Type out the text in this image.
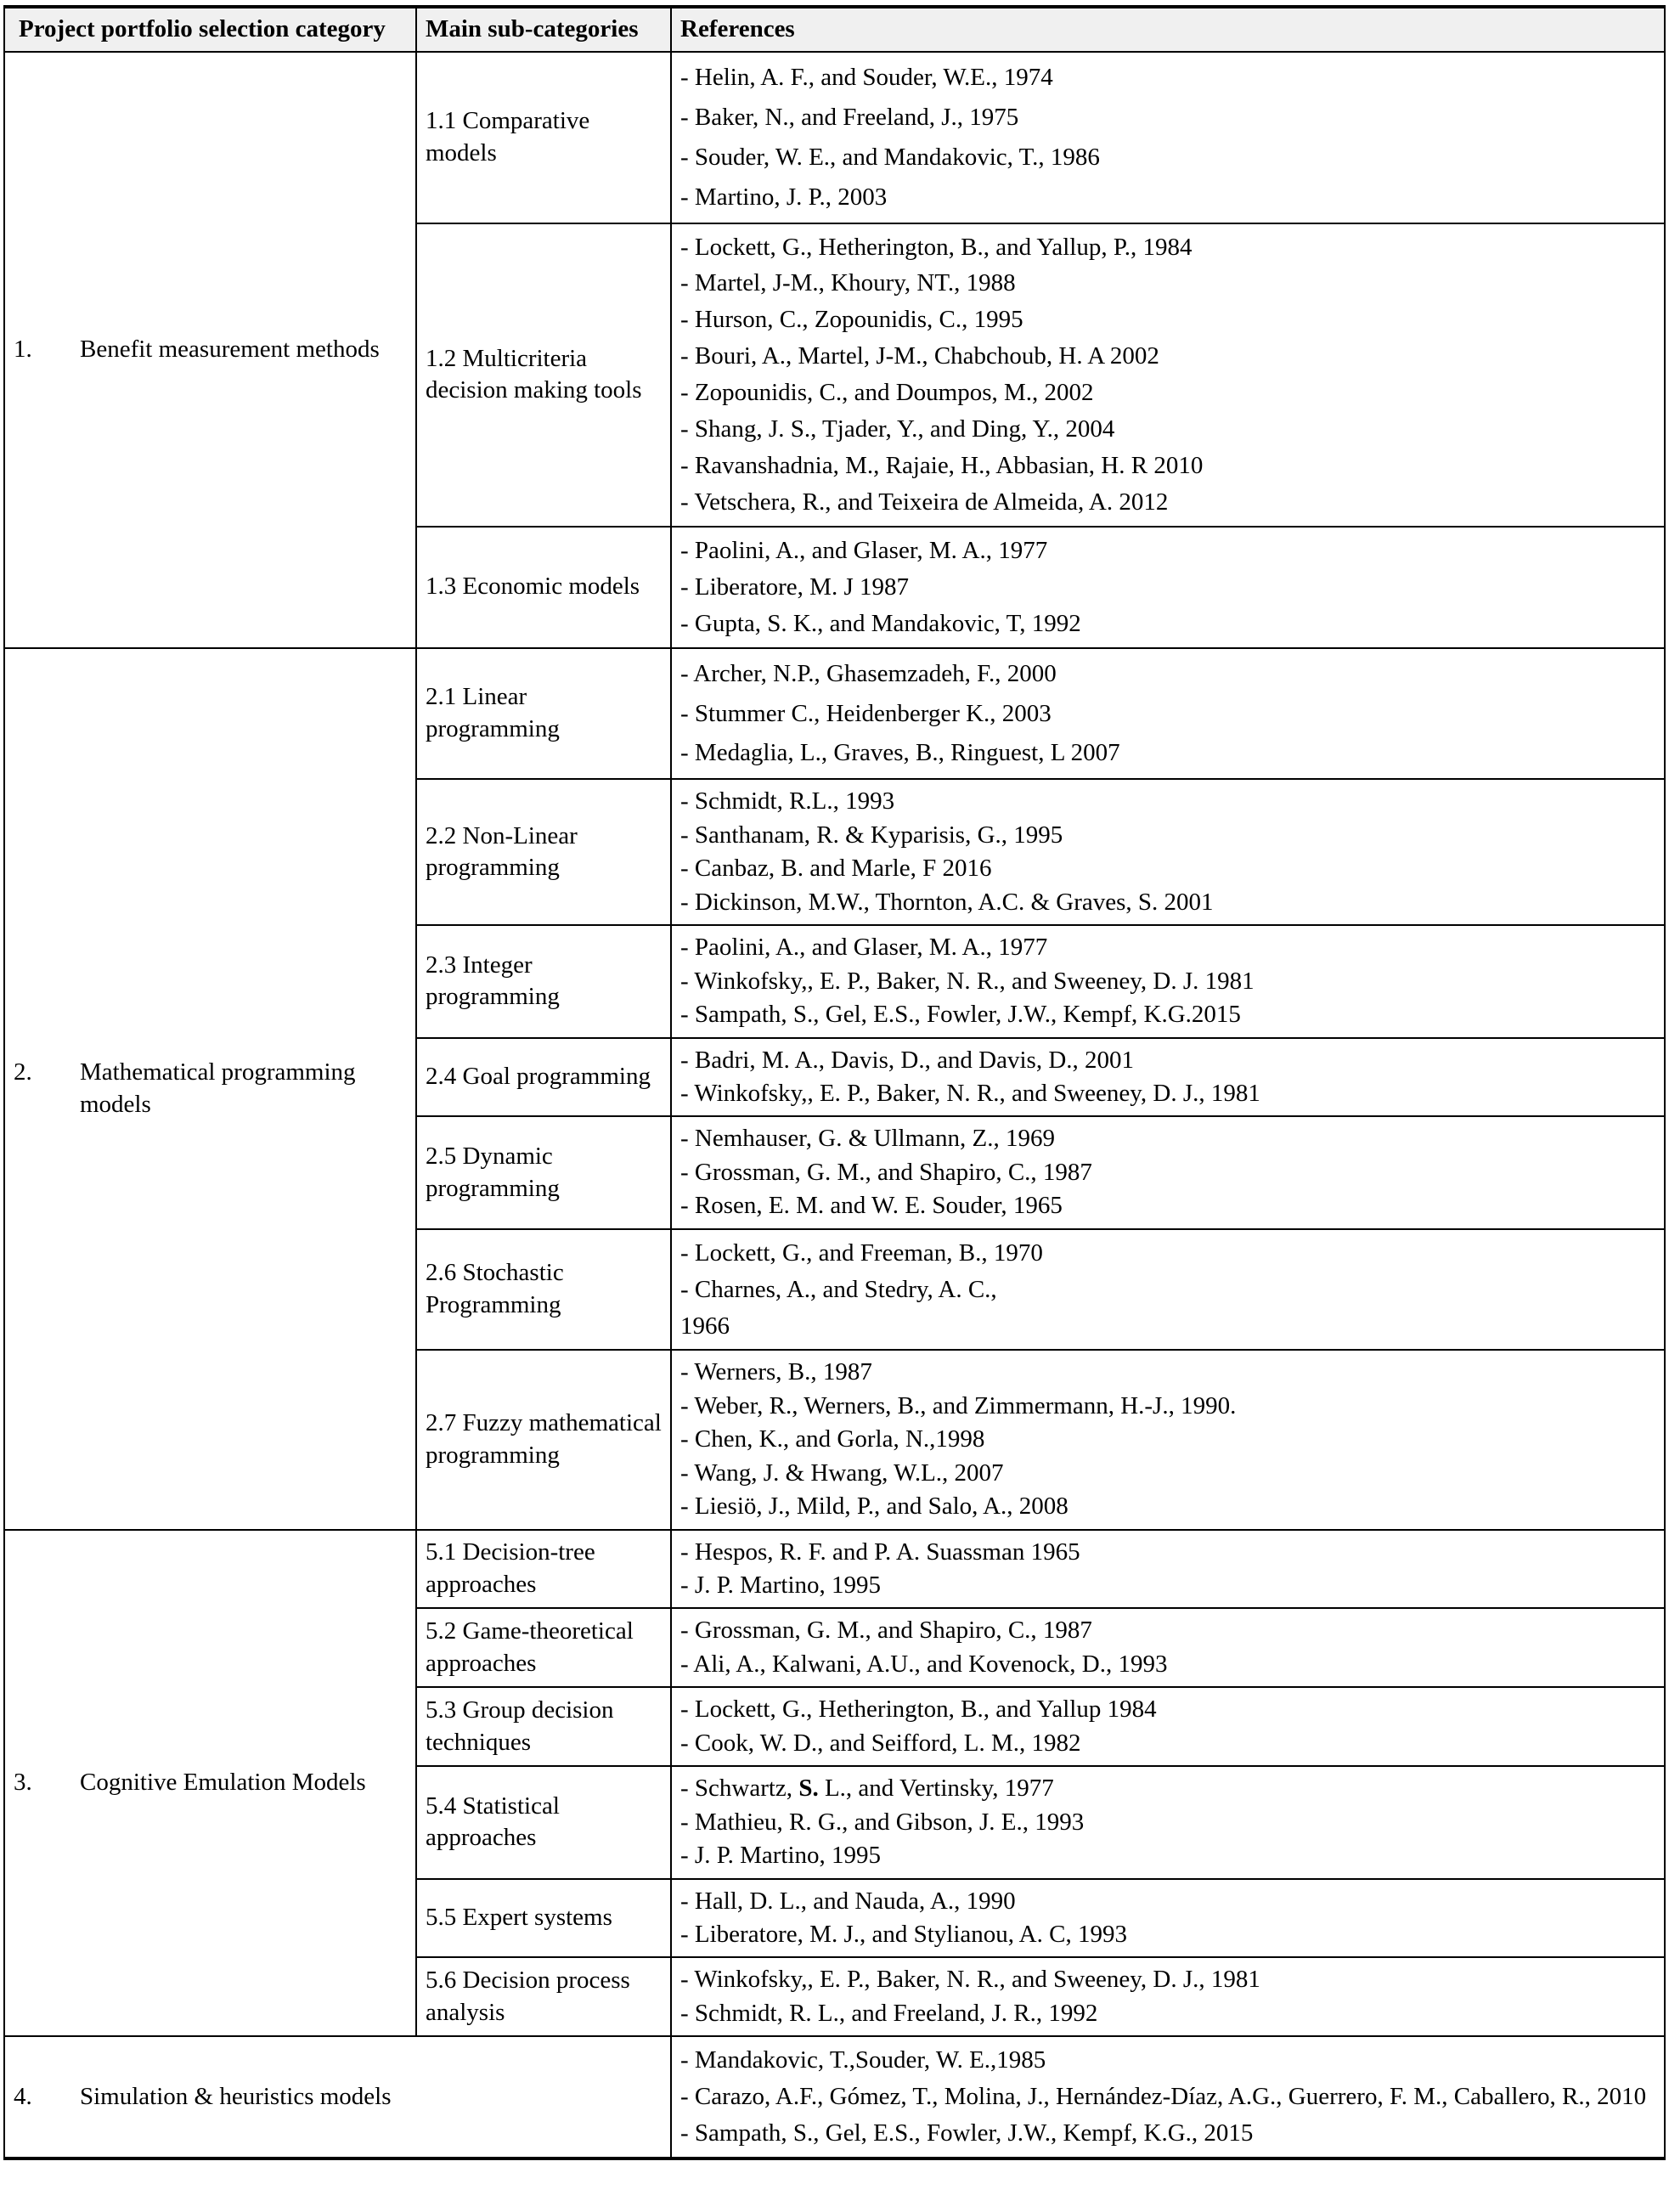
Project portfolio selection category	Main sub-categories	References

1.	Benefit measurement methods
	1.1 Comparative models	
- Helin, A. F., and Souder, W.E., 1974
- Baker, N., and Freeland, J., 1975
- Souder, W. E., and Mandakovic, T., 1986
- Martino, J. P., 2003

1.2 Multicriteria decision making tools	
- Lockett, G., Hetherington, B., and Yallup, P., 1984
- Martel, J-M., Khoury, NT., 1988
- Hurson, C., Zopounidis, C., 1995
- Bouri, A., Martel, J-M., Chabchoub, H. A 2002
- Zopounidis, C., and Doumpos, M., 2002
- Shang, J. S., Tjader, Y., and Ding, Y., 2004
- Ravanshadnia, M., Rajaie, H., Abbasian, H. R 2010
- Vetschera, R., and Teixeira de Almeida, A. 2012

	1.3 Economic models	- Paolini, A., and Glaser, M. A., 1977
- Liberatore, M. J 1987
- Gupta, S. K., and Mandakovic, T, 1992

2.	Mathematical programming models
	2.1 Linear programming	
- Archer, N.P., Ghasemzadeh, F., 2000
- Stummer C., Heidenberger K., 2003
- Medaglia, L., Graves, B., Ringuest, L 2007

	2.2 Non-Linear programming	- Schmidt, R.L., 1993
- Santhanam, R. & Kyparisis, G., 1995
- Canbaz, B. and Marle, F 2016
- Dickinson, M.W., Thornton, A.C. & Graves, S. 2001

	2.3 Integer programming	- Paolini, A., and Glaser, M. A., 1977
- Winkofsky,, E. P., Baker, N. R., and Sweeney, D. J. 1981
- Sampath, S., Gel, E.S., Fowler, J.W., Kempf, K.G.2015

	2.4 Goal programming	- Badri, M. A., Davis, D., and Davis, D., 2001
- Winkofsky,, E. P., Baker, N. R., and Sweeney, D. J., 1981

	2.5 Dynamic programming	- Nemhauser, G. & Ullmann, Z., 1969
- Grossman, G. M., and Shapiro, C., 1987
- Rosen, E. M. and W. E. Souder, 1965

	2.6 Stochastic Programming	- Lockett, G., and Freeman, B., 1970
- Charnes, A., and Stedry, A. C.,
1966

	2.7 Fuzzy mathematical programming	- Werners, B., 1987
- Weber, R., Werners, B., and Zimmermann, H.-J., 1990.
- Chen, K., and Gorla, N.,1998
- Wang, J. & Hwang, W.L., 2007
- Liesiö, J., Mild, P., and Salo, A., 2008

3.	Cognitive Emulation Models
	5.1 Decision-tree approaches	
- Hespos, R. F. and P. A. Suassman 1965
- J. P. Martino, 1995

	5.2 Game-theoretical approaches	- Grossman, G. M., and Shapiro, C., 1987
- Ali, A., Kalwani, A.U., and Kovenock, D., 1993

	5.3 Group decision techniques	- Lockett, G., Hetherington, B., and Yallup 1984
- Cook, W. D., and Seifford, L. M., 1982

	5.4 Statistical approaches	- Schwartz, S. L., and Vertinsky, 1977
- Mathieu, R. G., and Gibson, J. E., 1993
- J. P. Martino, 1995

	5.5 Expert systems	- Hall, D. L., and Nauda, A., 1990
- Liberatore, M. J., and Stylianou, A. C, 1993

	5.6 Decision process analysis	- Winkofsky,, E. P., Baker, N. R., and Sweeney, D. J., 1981
- Schmidt, R. L., and Freeland, J. R., 1992

4.	Simulation & heuristics models

- Mandakovic, T.,Souder, W. E.,1985
- Carazo, A.F., Gómez, T., Molina, J., Hernández-Díaz, A.G., Guerrero, F. M., Caballero, R., 2010
- Sampath, S., Gel, E.S., Fowler, J.W., Kempf, K.G., 2015
